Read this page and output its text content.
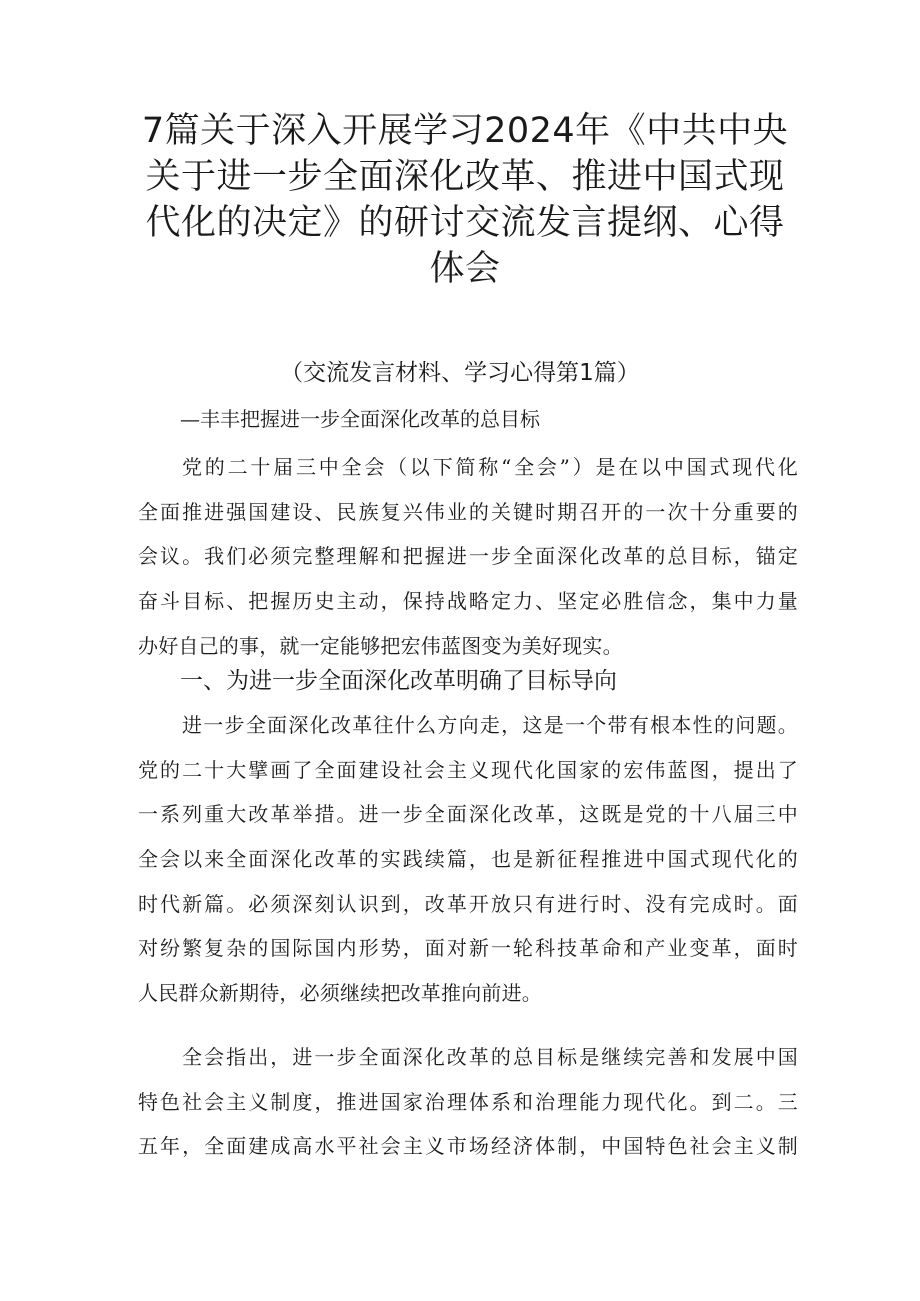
7篇关于深入开展学习2024年《中共中央
关于进一步全面深化改革、推进中国式现
代化的决定》的研讨交流发言提纲、心得
体会
（交流发言材料、学习心得第1篇）
—丰丰把握进一步全面深化改革的总目标
党的二十届三中全会（以下简称“全会”）是在以中国式现代化
全面推进强国建设、民族复兴伟业的关键时期召开的一次十分重要的
会议。我们必须完整理解和把握进一步全面深化改革的总目标，锚定
奋斗目标、把握历史主动，保持战略定力、坚定必胜信念，集中力量
办好自己的事，就一定能够把宏伟蓝图变为美好现实。
一、为进一步全面深化改革明确了目标导向
进一步全面深化改革往什么方向走，这是一个带有根本性的问题。
党的二十大擘画了全面建设社会主义现代化国家的宏伟蓝图，提出了
一系列重大改革举措。进一步全面深化改革，这既是党的十八届三中
全会以来全面深化改革的实践续篇，也是新征程推进中国式现代化的
时代新篇。必须深刻认识到，改革开放只有进行时、没有完成时。面
对纷繁复杂的国际国内形势，面对新一轮科技革命和产业变革，面时
人民群众新期待，必须继续把改革推向前进。
全会指出，进一步全面深化改革的总目标是继续完善和发展中国
特色社会主义制度，推进国家治理体系和治理能力现代化。到二。三
五年，全面建成高水平社会主义市场经济体制，中国特色社会主义制
